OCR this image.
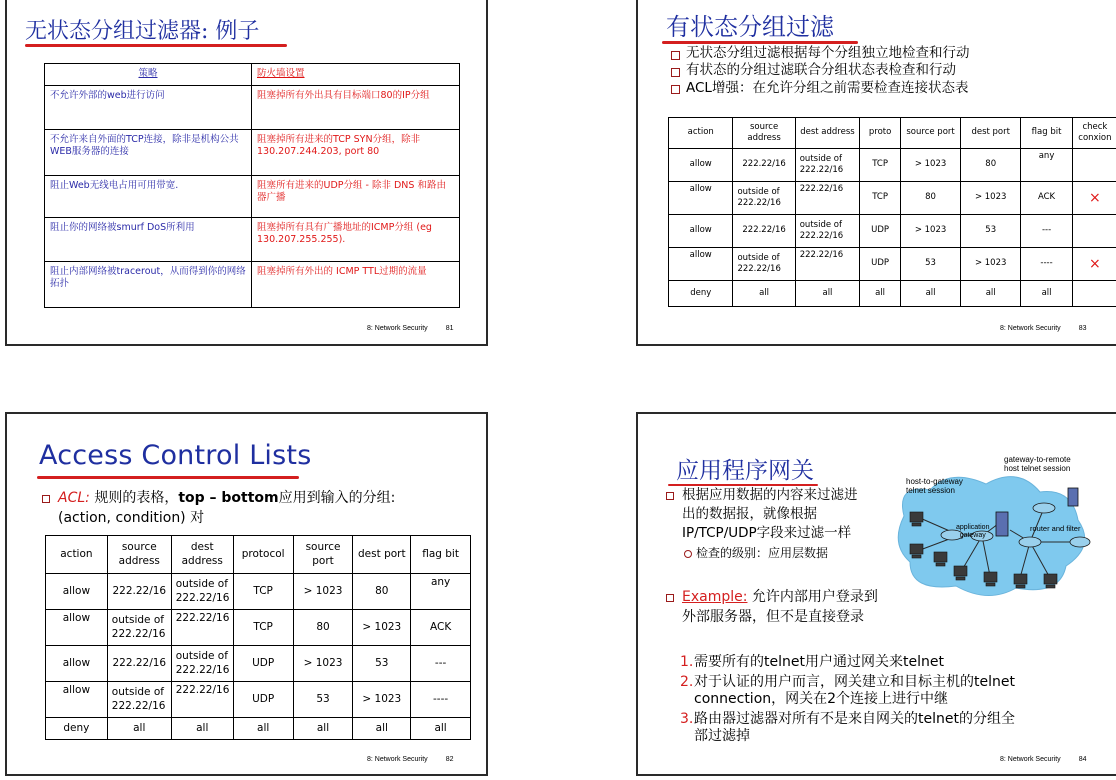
无状态分组过滤器: 例子
策略	防火墙设置
不允许外部的web进行访问	阻塞掉所有外出具有目标端口80的IP分组
不允许来自外面的TCP连接，除非是机构公共WEB服务器的连接	阻塞掉所有进来的TCP SYN分组，除非130.207.244.203, port 80
阻止Web无线电占用可用带宽.	阻塞所有进来的UDP分组 - 除非 DNS 和路由器广播
阻止你的网络被smurf DoS所利用	阻塞掉所有具有广播地址的ICMP分组 (eg 130.207.255.255).
阻止内部网络被tracerout，从而得到你的网络拓扑	阻塞掉所有外出的 ICMP TTL过期的流量
8: Network Security	81
有状态分组过滤
无状态分组过滤根据每个分组独立地检查和行动
有状态的分组过滤联合分组状态表检查和行动
ACL增强：在允许分组之前需要检查连接状态表
action	source address	dest address	proto	source port	dest port	flag bit	check conxion
allow	222.22/16	outside of 222.22/16	TCP	> 1023	80	any	
allow	outside of 222.22/16	222.22/16	TCP	80	> 1023	ACK	×
allow	222.22/16	outside of 222.22/16	UDP	> 1023	53	---	
allow	outside of 222.22/16	222.22/16	UDP	53	> 1023	----	×
deny	all	all	all	all	all	all	
8: Network Security	83
Access Control Lists
ACL: 规则的表格，top – bottom应用到输入的分组:
(action, condition) 对
action	source address	dest address	protocol	source port	dest port	flag bit
allow	222.22/16	outside of 222.22/16	TCP	> 1023	80	any
allow	outside of 222.22/16	222.22/16	TCP	80	> 1023	ACK
allow	222.22/16	outside of 222.22/16	UDP	> 1023	53	---
allow	outside of 222.22/16	222.22/16	UDP	53	> 1023	----
deny	all	all	all	all	all	all
8: Network Security	82
应用程序网关
根据应用数据的内容来过滤进
出的数据报，就像根据
IP/TCP/UDP字段来过滤一样
检查的级别：应用层数据
Example: 允许内部用户登录到
外部服务器，但不是直接登录
1.需要所有的telnet用户通过网关来telnet
2.对于认证的用户而言，网关建立和目标主机的telnet
connection，网关在2个连接上进行中继
3.路由器过滤器对所有不是来自网关的telnet的分组全
部过滤掉
host-to-gateway
telnet session
gateway-to-remote
host telnet session
application
gateway
router and filter
8: Network Security	84
